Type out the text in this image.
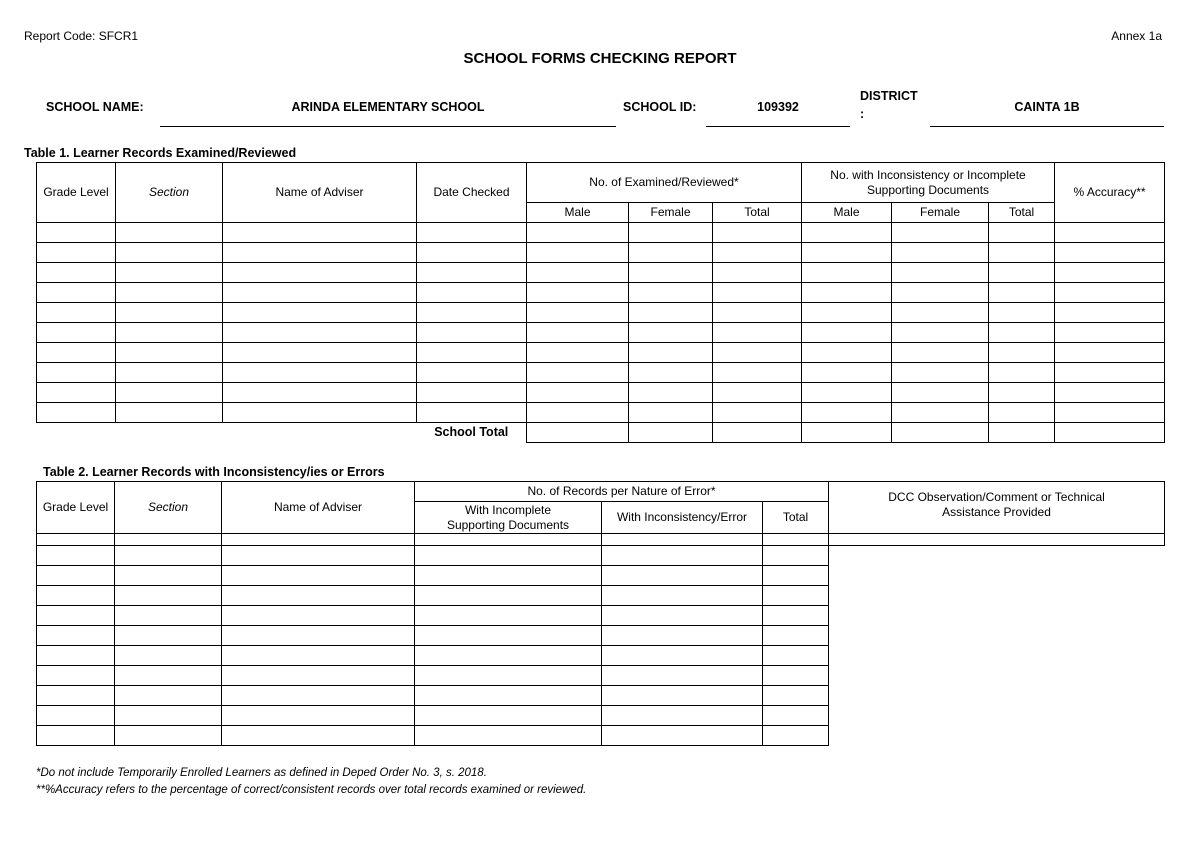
Report Code: SFCR1	Annex 1a
SCHOOL FORMS CHECKING REPORT
SCHOOL NAME:	ARINDA ELEMENTARY SCHOOL	SCHOOL ID:	109392
DISTRICT
:	CAINTA 1B
Table 1. Learner Records Examined/Reviewed
Grade Level	Section	Name of Adviser	Date Checked	No. of Examined/Reviewed*			No. with Inconsistency or Incomplete Supporting Documents			% Accuracy**
				Male	Female	Total	Male	Female	Total	

			School Total							
Table 2. Learner Records with Inconsistency/ies or Errors
Grade Level	Section	Name of Adviser	No. of Records per Nature of Error*			DCC Observation/Comment or Technical Assistance Provided
			With Incomplete Supporting Documents	With Inconsistency/Error	Total	

*Do not include Temporarily Enrolled Learners as defined in Deped Order No. 3, s. 2018.
**%Accuracy refers to the percentage of correct/consistent records over total records examined or reviewed.
